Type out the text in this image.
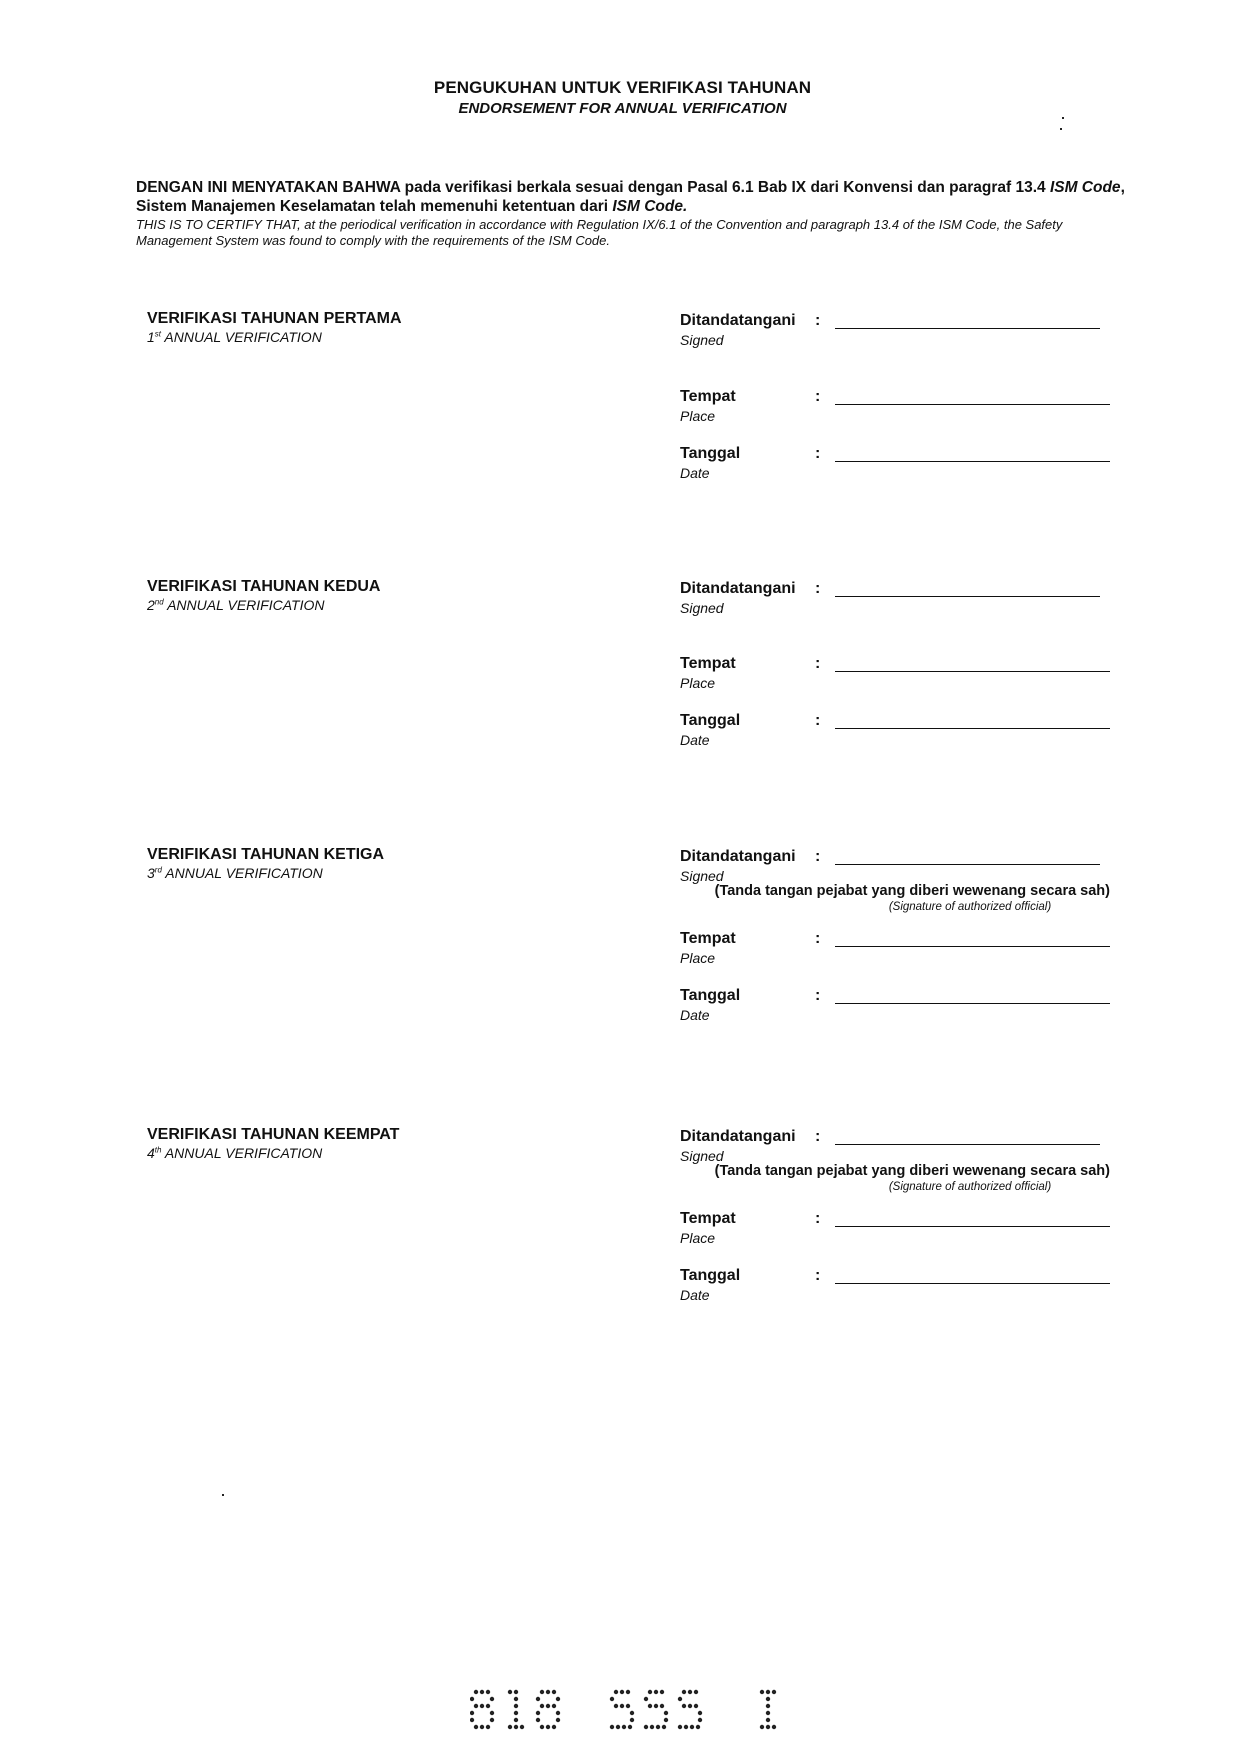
PENGUKUHAN UNTUK VERIFIKASI TAHUNAN
ENDORSEMENT FOR ANNUAL VERIFICATION
DENGAN INI MENYATAKAN BAHWA pada verifikasi berkala sesuai dengan Pasal 6.1 Bab IX dari Konvensi dan paragraf 13.4 ISM Code, Sistem Manajemen Keselamatan telah memenuhi ketentuan dari ISM Code.
THIS IS TO CERTIFY THAT, at the periodical verification in accordance with Regulation IX/6.1 of the Convention and paragraph 13.4 of the ISM Code, the Safety Management System was found to comply with the requirements of the ISM Code.
VERIFIKASI TAHUNAN PERTAMA
1st ANNUAL VERIFICATION
Ditandatangani
Signed
:
Tempat
Place
:
Tanggal
Date
:
VERIFIKASI TAHUNAN KEDUA
2nd ANNUAL VERIFICATION
Ditandatangani
Signed
:
Tempat
Place
:
Tanggal
Date
:
VERIFIKASI TAHUNAN KETIGA
3rd ANNUAL VERIFICATION
Ditandatangani
Signed
:
(Tanda tangan pejabat yang diberi wewenang secara sah)
(Signature of authorized official)
Tempat
Place
:
Tanggal
Date
:
VERIFIKASI TAHUNAN KEEMPAT
4th ANNUAL VERIFICATION
Ditandatangani
Signed
:
(Tanda tangan pejabat yang diberi wewenang secara sah)
(Signature of authorized official)
Tempat
Place
:
Tanggal
Date
:
